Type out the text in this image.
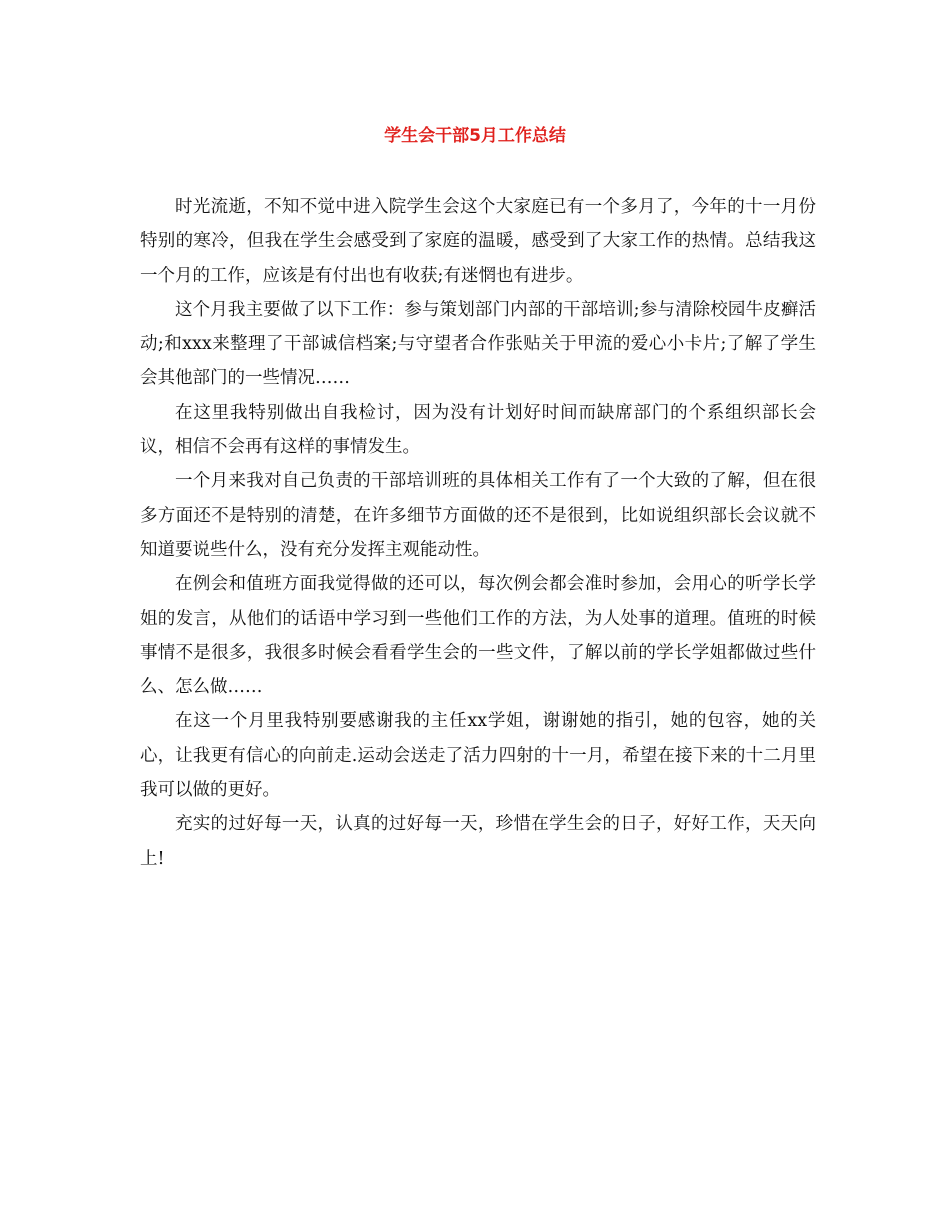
学生会干部5月工作总结

时光流逝，不知不觉中进入院学生会这个大家庭已有一个多月了，今年的十一月份特别的寒冷，但我在学生会感受到了家庭的温暖，感受到了大家工作的热情。总结我这一个月的工作，应该是有付出也有收获;有迷惘也有进步。

这个月我主要做了以下工作：参与策划部门内部的干部培训;参与清除校园牛皮癣活动;和xxx来整理了干部诚信档案;与守望者合作张贴关于甲流的爱心小卡片;了解了学生会其他部门的一些情况……

在这里我特别做出自我检讨，因为没有计划好时间而缺席部门的个系组织部长会议，相信不会再有这样的事情发生。

一个月来我对自己负责的干部培训班的具体相关工作有了一个大致的了解，但在很多方面还不是特别的清楚，在许多细节方面做的还不是很到，比如说组织部长会议就不知道要说些什么，没有充分发挥主观能动性。

在例会和值班方面我觉得做的还可以，每次例会都会准时参加，会用心的听学长学姐的发言，从他们的话语中学习到一些他们工作的方法，为人处事的道理。值班的时候事情不是很多，我很多时候会看看学生会的一些文件，了解以前的学长学姐都做过些什么、怎么做……

在这一个月里我特别要感谢我的主任xx学姐，谢谢她的指引，她的包容，她的关心，让我更有信心的向前走.运动会送走了活力四射的十一月，希望在接下来的十二月里我可以做的更好。

充实的过好每一天，认真的过好每一天，珍惜在学生会的日子，好好工作，天天向上!
